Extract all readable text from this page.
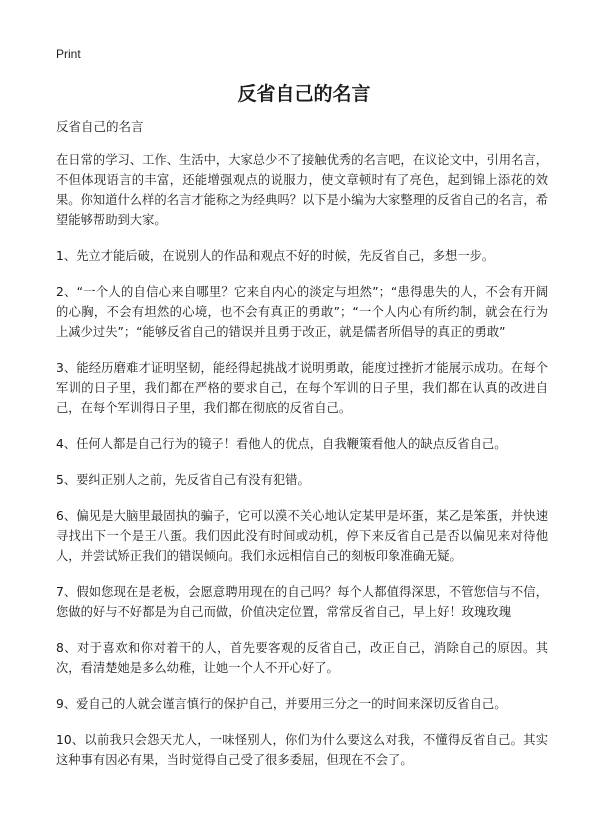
Print
反省自己的名言

反省自己的名言

在日常的学习、工作、生活中，大家总少不了接触优秀的名言吧，在议论文中，引用名言，不但体现语言的丰富，还能增强观点的说服力，使文章顿时有了亮色，起到锦上添花的效果。你知道什么样的名言才能称之为经典吗？以下是小编为大家整理的反省自己的名言，希望能够帮助到大家。

1、先立才能后破，在说别人的作品和观点不好的时候，先反省自己，多想一步。

2、“一个人的自信心来自哪里？它来自内心的淡定与坦然”；“患得患失的人，不会有开阔的心胸，不会有坦然的心境，也不会有真正的勇敢”；“一个人内心有所约制，就会在行为上减少过失”；“能够反省自己的错误并且勇于改正，就是儒者所倡导的真正的勇敢”

3、能经历磨难才证明坚韧，能经得起挑战才说明勇敢，能度过挫折才能展示成功。在每个军训的日子里，我们都在严格的要求自己，在每个军训的日子里，我们都在认真的改进自己，在每个军训得日子里，我们都在彻底的反省自己。

4、任何人都是自己行为的镜子！看他人的优点，自我鞭策看他人的缺点反省自己。

5、要纠正别人之前，先反省自己有没有犯错。

6、偏见是大脑里最固执的骗子，它可以漠不关心地认定某甲是坏蛋，某乙是笨蛋，并快速寻找出下一个是王八蛋。我们因此没有时间或动机，停下来反省自己是否以偏见来对待他人，并尝试矫正我们的错误倾向。我们永远相信自己的刻板印象准确无疑。

7、假如您现在是老板，会愿意聘用现在的自己吗？每个人都值得深思，不管您信与不信，您做的好与不好都是为自己而做，价值决定位置，常常反省自己，早上好！玫瑰玫瑰

8、对于喜欢和你对着干的人，首先要客观的反省自己，改正自己，消除自己的原因。其次，看清楚她是多么幼稚，让她一个人不开心好了。

9、爱自己的人就会谨言慎行的保护自己，并要用三分之一的时间来深切反省自己。

10、以前我只会怨天尤人，一味怪别人，你们为什么要这么对我，不懂得反省自己。其实这种事有因必有果，当时觉得自己受了很多委屈，但现在不会了。
